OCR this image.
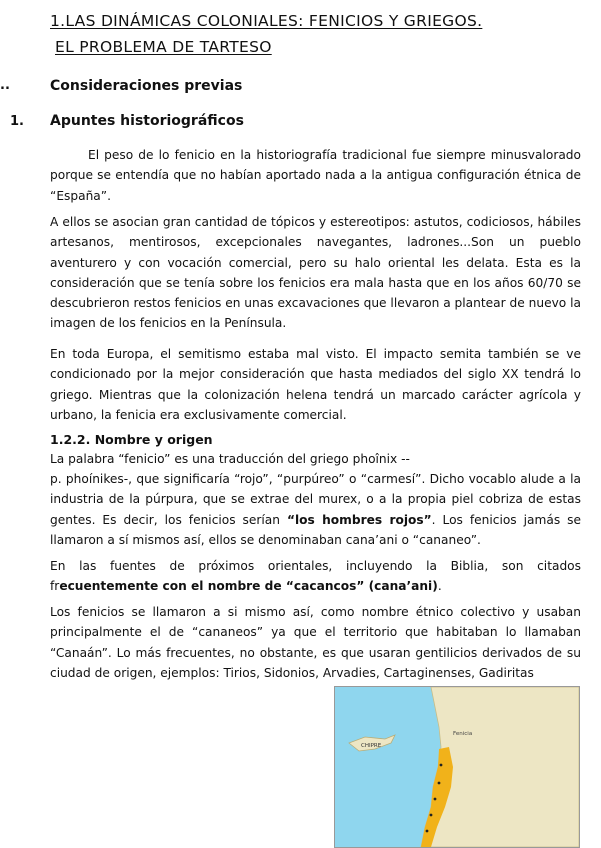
1.LAS DINÁMICAS COLONIALES: FENICIOS Y GRIEGOS.
EL PROBLEMA DE TARTESO
..	Consideraciones previas
1. Apuntes historiográficos

El peso de lo fenicio en la historiografía tradicional fue siempre minusvalorado porque se entendía que no habían aportado nada a la antigua configuración étnica de “España”.

A ellos se asocian gran cantidad de tópicos y estereotipos: astutos, codiciosos, hábiles artesanos, mentirosos, excepcionales navegantes, ladrones...Son un pueblo aventurero y con vocación comercial, pero su halo oriental les delata. Esta es la consideración que se tenía sobre los fenicios era mala hasta que en los años 60/70 se descubrieron restos fenicios en unas excavaciones que llevaron a plantear de nuevo la imagen de los fenicios en la Península.

En toda Europa, el semitismo estaba mal visto. El impacto semita también se ve condicionado por la mejor consideración que hasta mediados del siglo XX tendrá lo griego. Mientras que la colonización helena tendrá un marcado carácter agrícola y urbano, la fenicia era exclusivamente comercial.

1.2.2. Nombre y origen

La palabra “fenicio” es una traducción del griego phoînix --

p. phoínikes-, que significaría “rojo”, “purpúreo” o “carmesí”. Dicho vocablo alude a la industria de la púrpura, que se extrae del murex, o a la propia piel cobriza de estas gentes. Es decir, los fenicios serían “los hombres rojos”. Los fenicios jamás se llamaron a sí mismos así, ellos se denominaban cana’ani o “cananeo”.

En las fuentes de próximos orientales, incluyendo la Biblia, son citados frecuentemente con el nombre de “cacancos” (cana’ani).

Los fenicios se llamaron a si mismo así, como nombre étnico colectivo y usaban principalmente el de “cananeos” ya que el territorio que habitaban lo llamaban “Canaán”. Lo más frecuentes, no obstante, es que usaran gentilicios derivados de su ciudad de origen, ejemplos: Tirios, Sidonios, Arvadies, Cartaginenses, Gadiritas

CHIPRE
Fenicia
